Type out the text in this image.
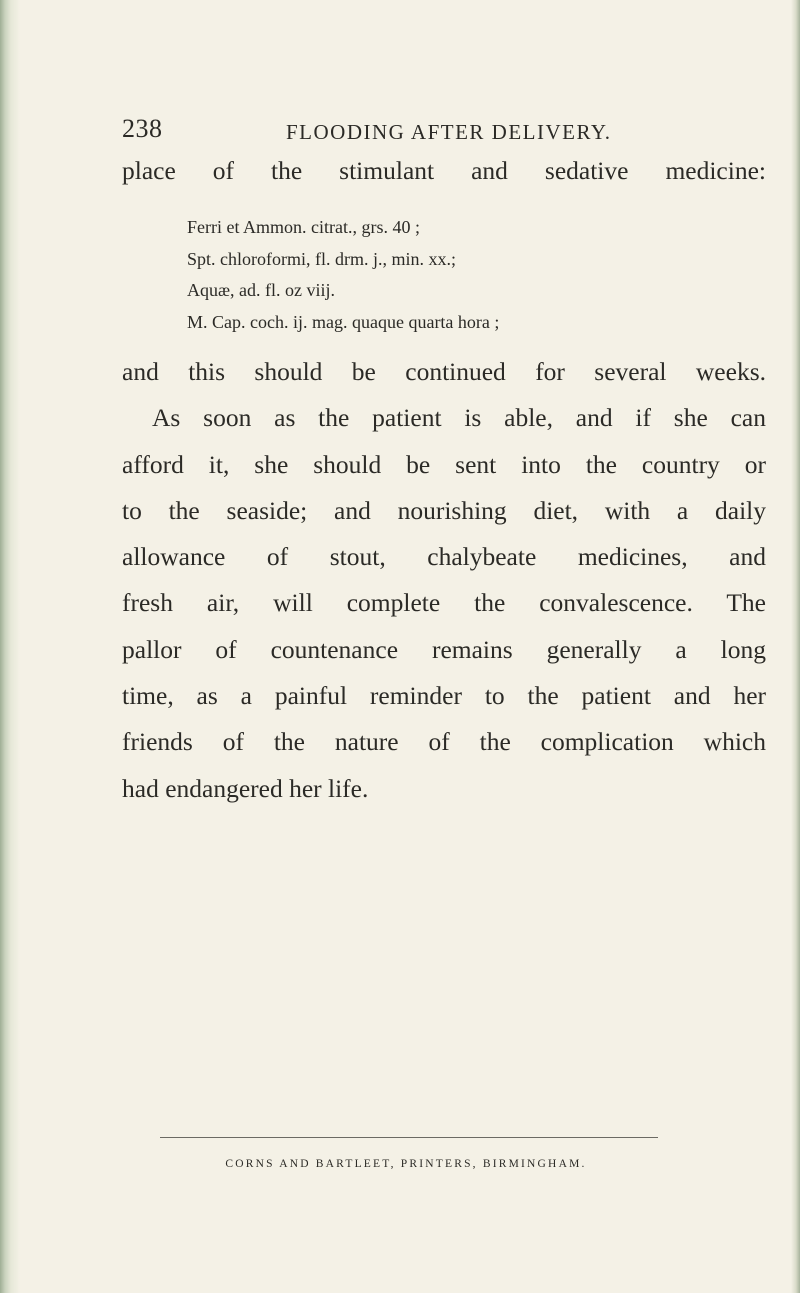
238	FLOODING AFTER DELIVERY.
place of the stimulant and sedative medicine:
Ferri et Ammon. citrat., grs. 40 ;
Spt. chloroformi, fl. drm. j., min. xx.;
Aquæ, ad. fl. oz viij.
M. Cap. coch. ij. mag. quaque quarta hora ;
and this should be continued for several weeks.
As soon as the patient is able, and if she can
afford it, she should be sent into the country or
to the seaside; and nourishing diet, with a daily
allowance of stout, chalybeate medicines, and
fresh air, will complete the convalescence. The
pallor of countenance remains generally a long
time, as a painful reminder to the patient and her
friends of the nature of the complication which
had endangered her life.
CORNS AND BARTLEET, PRINTERS, BIRMINGHAM.
